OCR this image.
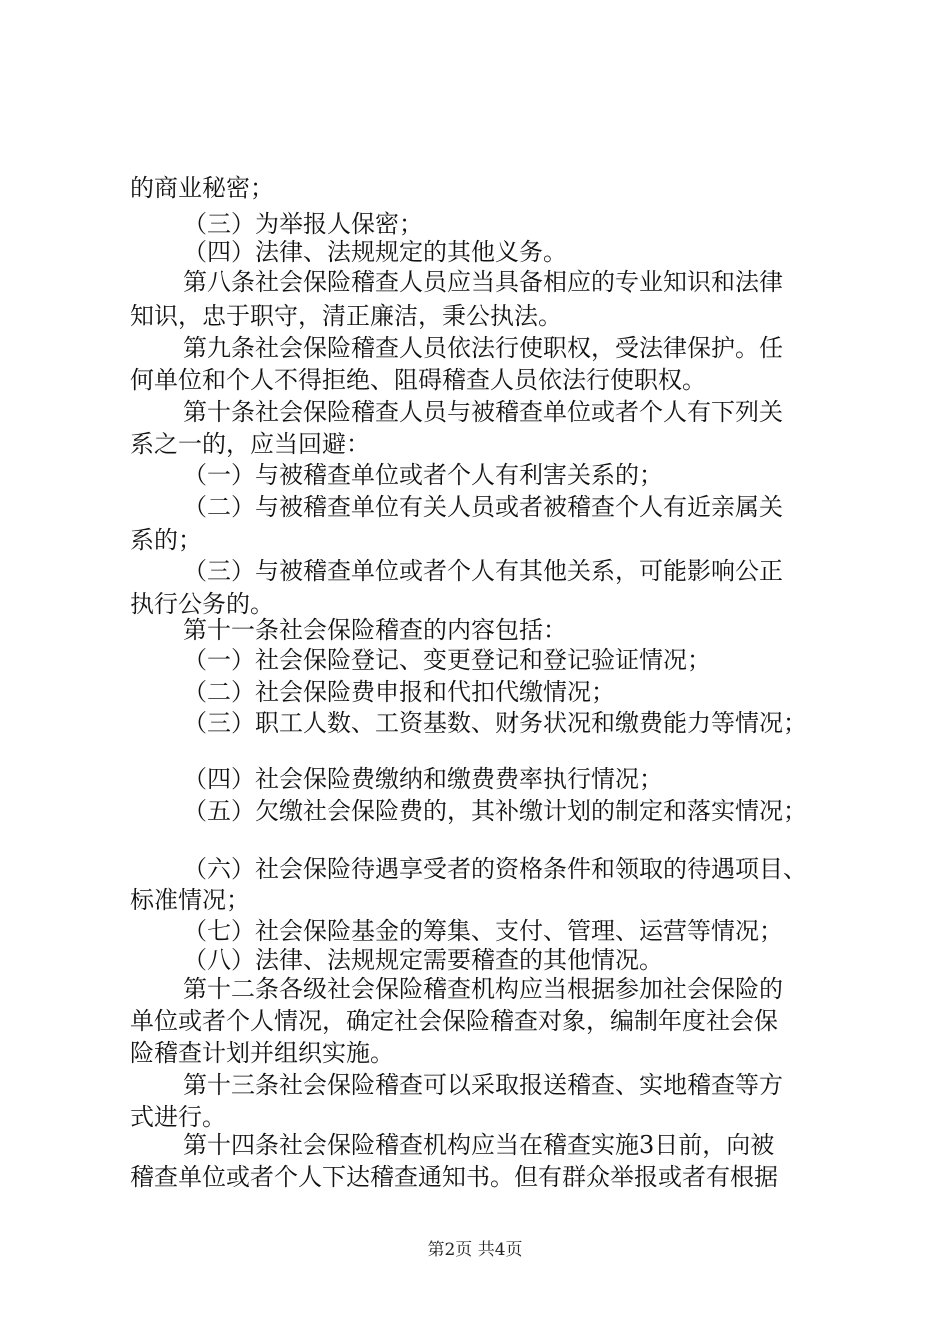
的商业秘密；
（三）为举报人保密；
（四）法律、法规规定的其他义务。
第八条社会保险稽查人员应当具备相应的专业知识和法律
知识，忠于职守，清正廉洁，秉公执法。
第九条社会保险稽查人员依法行使职权，受法律保护。任
何单位和个人不得拒绝、阻碍稽查人员依法行使职权。
第十条社会保险稽查人员与被稽查单位或者个人有下列关
系之一的，应当回避：
（一）与被稽查单位或者个人有利害关系的；
（二）与被稽查单位有关人员或者被稽查个人有近亲属关
系的；
（三）与被稽查单位或者个人有其他关系，可能影响公正
执行公务的。
第十一条社会保险稽查的内容包括：
（一）社会保险登记、变更登记和登记验证情况；
（二）社会保险费申报和代扣代缴情况；
（三）职工人数、工资基数、财务状况和缴费能力等情况；
（四）社会保险费缴纳和缴费费率执行情况；
（五）欠缴社会保险费的，其补缴计划的制定和落实情况；
（六）社会保险待遇享受者的资格条件和领取的待遇项目、
标准情况；
（七）社会保险基金的筹集、支付、管理、运营等情况；
（八）法律、法规规定需要稽查的其他情况。
第十二条各级社会保险稽查机构应当根据参加社会保险的
单位或者个人情况，确定社会保险稽查对象，编制年度社会保
险稽查计划并组织实施。
第十三条社会保险稽查可以采取报送稽查、实地稽查等方
式进行。
第十四条社会保险稽查机构应当在稽查实施3日前，向被
稽查单位或者个人下达稽查通知书。但有群众举报或者有根据
第2页 共4页
